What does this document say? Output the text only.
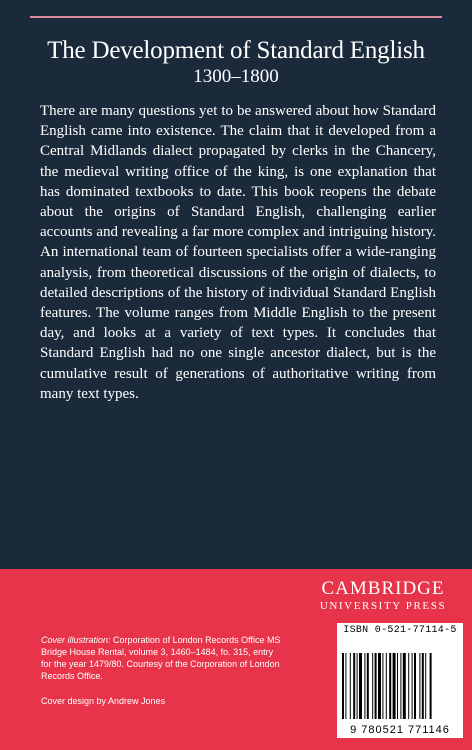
The Development of Standard English
1300–1800
There are many questions yet to be answered about how Standard English came into existence. The claim that it developed from a Central Midlands dialect propagated by clerks in the Chancery, the medieval writing office of the king, is one explanation that has dominated textbooks to date. This book reopens the debate about the origins of Standard English, challenging earlier accounts and revealing a far more complex and intriguing history. An international team of fourteen specialists offer a wide-ranging analysis, from theoretical discussions of the origin of dialects, to detailed descriptions of the history of individual Standard English features. The volume ranges from Middle English to the present day, and looks at a variety of text types. It concludes that Standard English had no one single ancestor dialect, but is the cumulative result of generations of authoritative writing from many text types.
CAMBRIDGE
UNIVERSITY PRESS
Cover illustration: Corporation of London Records Office MS Bridge House Rental, volume 3, 1460–1484, fo. 315, entry for the year 1479/80. Courtesy of the Corporation of London Records Office.
Cover design by Andrew Jones
ISBN 0-521-77114-5
9 780521 771146
